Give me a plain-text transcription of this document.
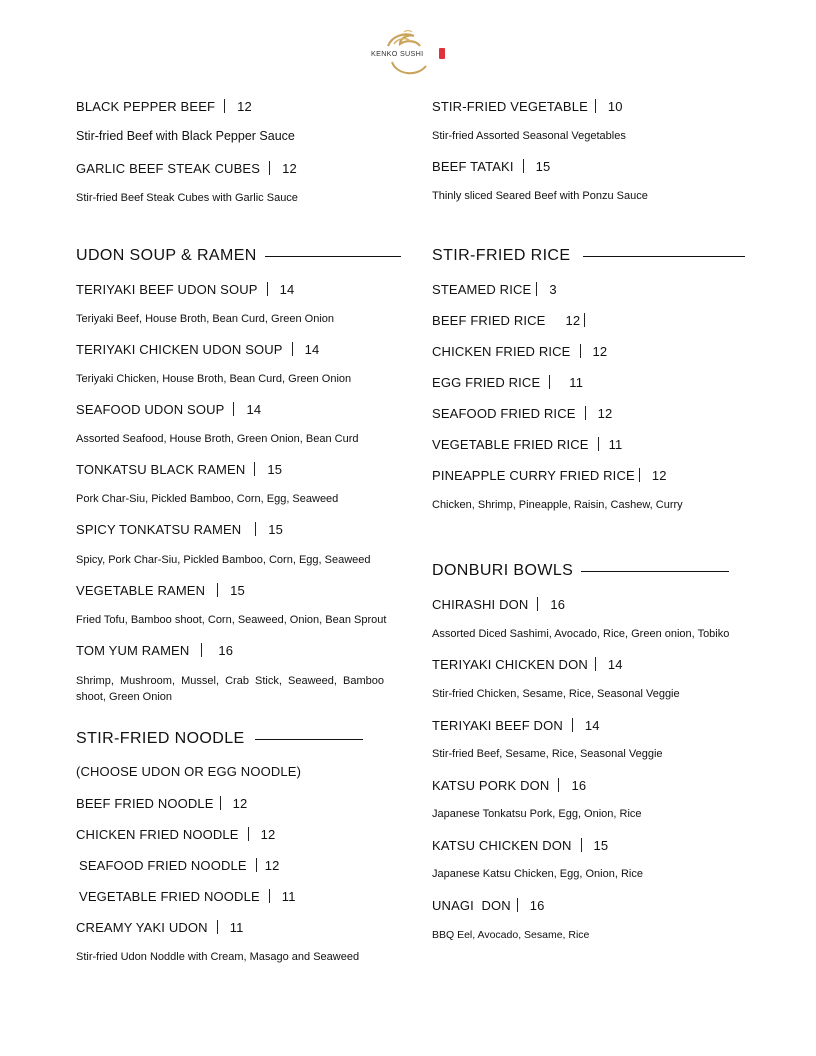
KENKO SUSHI
BLACK PEPPER BEEF 12
Stir-fried Beef with Black Pepper Sauce
GARLIC BEEF STEAK CUBES 12
Stir-fried Beef Steak Cubes with Garlic Sauce
UDON SOUP & RAMEN
TERIYAKI BEEF UDON SOUP 14
Teriyaki Beef, House Broth, Bean Curd, Green Onion
TERIYAKI CHICKEN UDON SOUP 14
Teriyaki Chicken, House Broth, Bean Curd, Green Onion
SEAFOOD UDON SOUP 14
Assorted Seafood, House Broth, Green Onion, Bean Curd
TONKATSU BLACK RAMEN 15
Pork Char-Siu, Pickled Bamboo, Corn, Egg, Seaweed
SPICY TONKATSU RAMEN 15
Spicy, Pork Char-Siu, Pickled Bamboo, Corn, Egg, Seaweed
VEGETABLE RAMEN 15
Fried Tofu, Bamboo shoot, Corn, Seaweed, Onion, Bean Sprout
TOM YUM RAMEN 16
Shrimp, Mushroom, Mussel, Crab Stick, Seaweed, Bamboo shoot, Green Onion
STIR-FRIED NOODLE
(CHOOSE UDON OR EGG NOODLE)
BEEF FRIED NOODLE 12
CHICKEN FRIED NOODLE 12
SEAFOOD FRIED NOODLE 12
VEGETABLE FRIED NOODLE 11
CREAMY YAKI UDON 11
Stir-fried Udon Noddle with Cream, Masago and Seaweed
STIR-FRIED VEGETABLE 10
Stir-fried Assorted Seasonal Vegetables
BEEF TATAKI 15
Thinly sliced Seared Beef with Ponzu Sauce
STIR-FRIED RICE
STEAMED RICE 3
BEEF FRIED RICE 12
CHICKEN FRIED RICE 12
EGG FRIED RICE 11
SEAFOOD FRIED RICE 12
VEGETABLE FRIED RICE 11
PINEAPPLE CURRY FRIED RICE 12
Chicken, Shrimp, Pineapple, Raisin, Cashew, Curry
DONBURI BOWLS
CHIRASHI DON 16
Assorted Diced Sashimi, Avocado, Rice, Green onion, Tobiko
TERIYAKI CHICKEN DON 14
Stir-fried Chicken, Sesame, Rice, Seasonal Veggie
TERIYAKI BEEF DON 14
Stir-fried Beef, Sesame, Rice, Seasonal Veggie
KATSU PORK DON 16
Japanese Tonkatsu Pork, Egg, Onion, Rice
KATSU CHICKEN DON 15
Japanese Katsu Chicken, Egg, Onion, Rice
UNAGI  DON 16
BBQ Eel, Avocado, Sesame, Rice
